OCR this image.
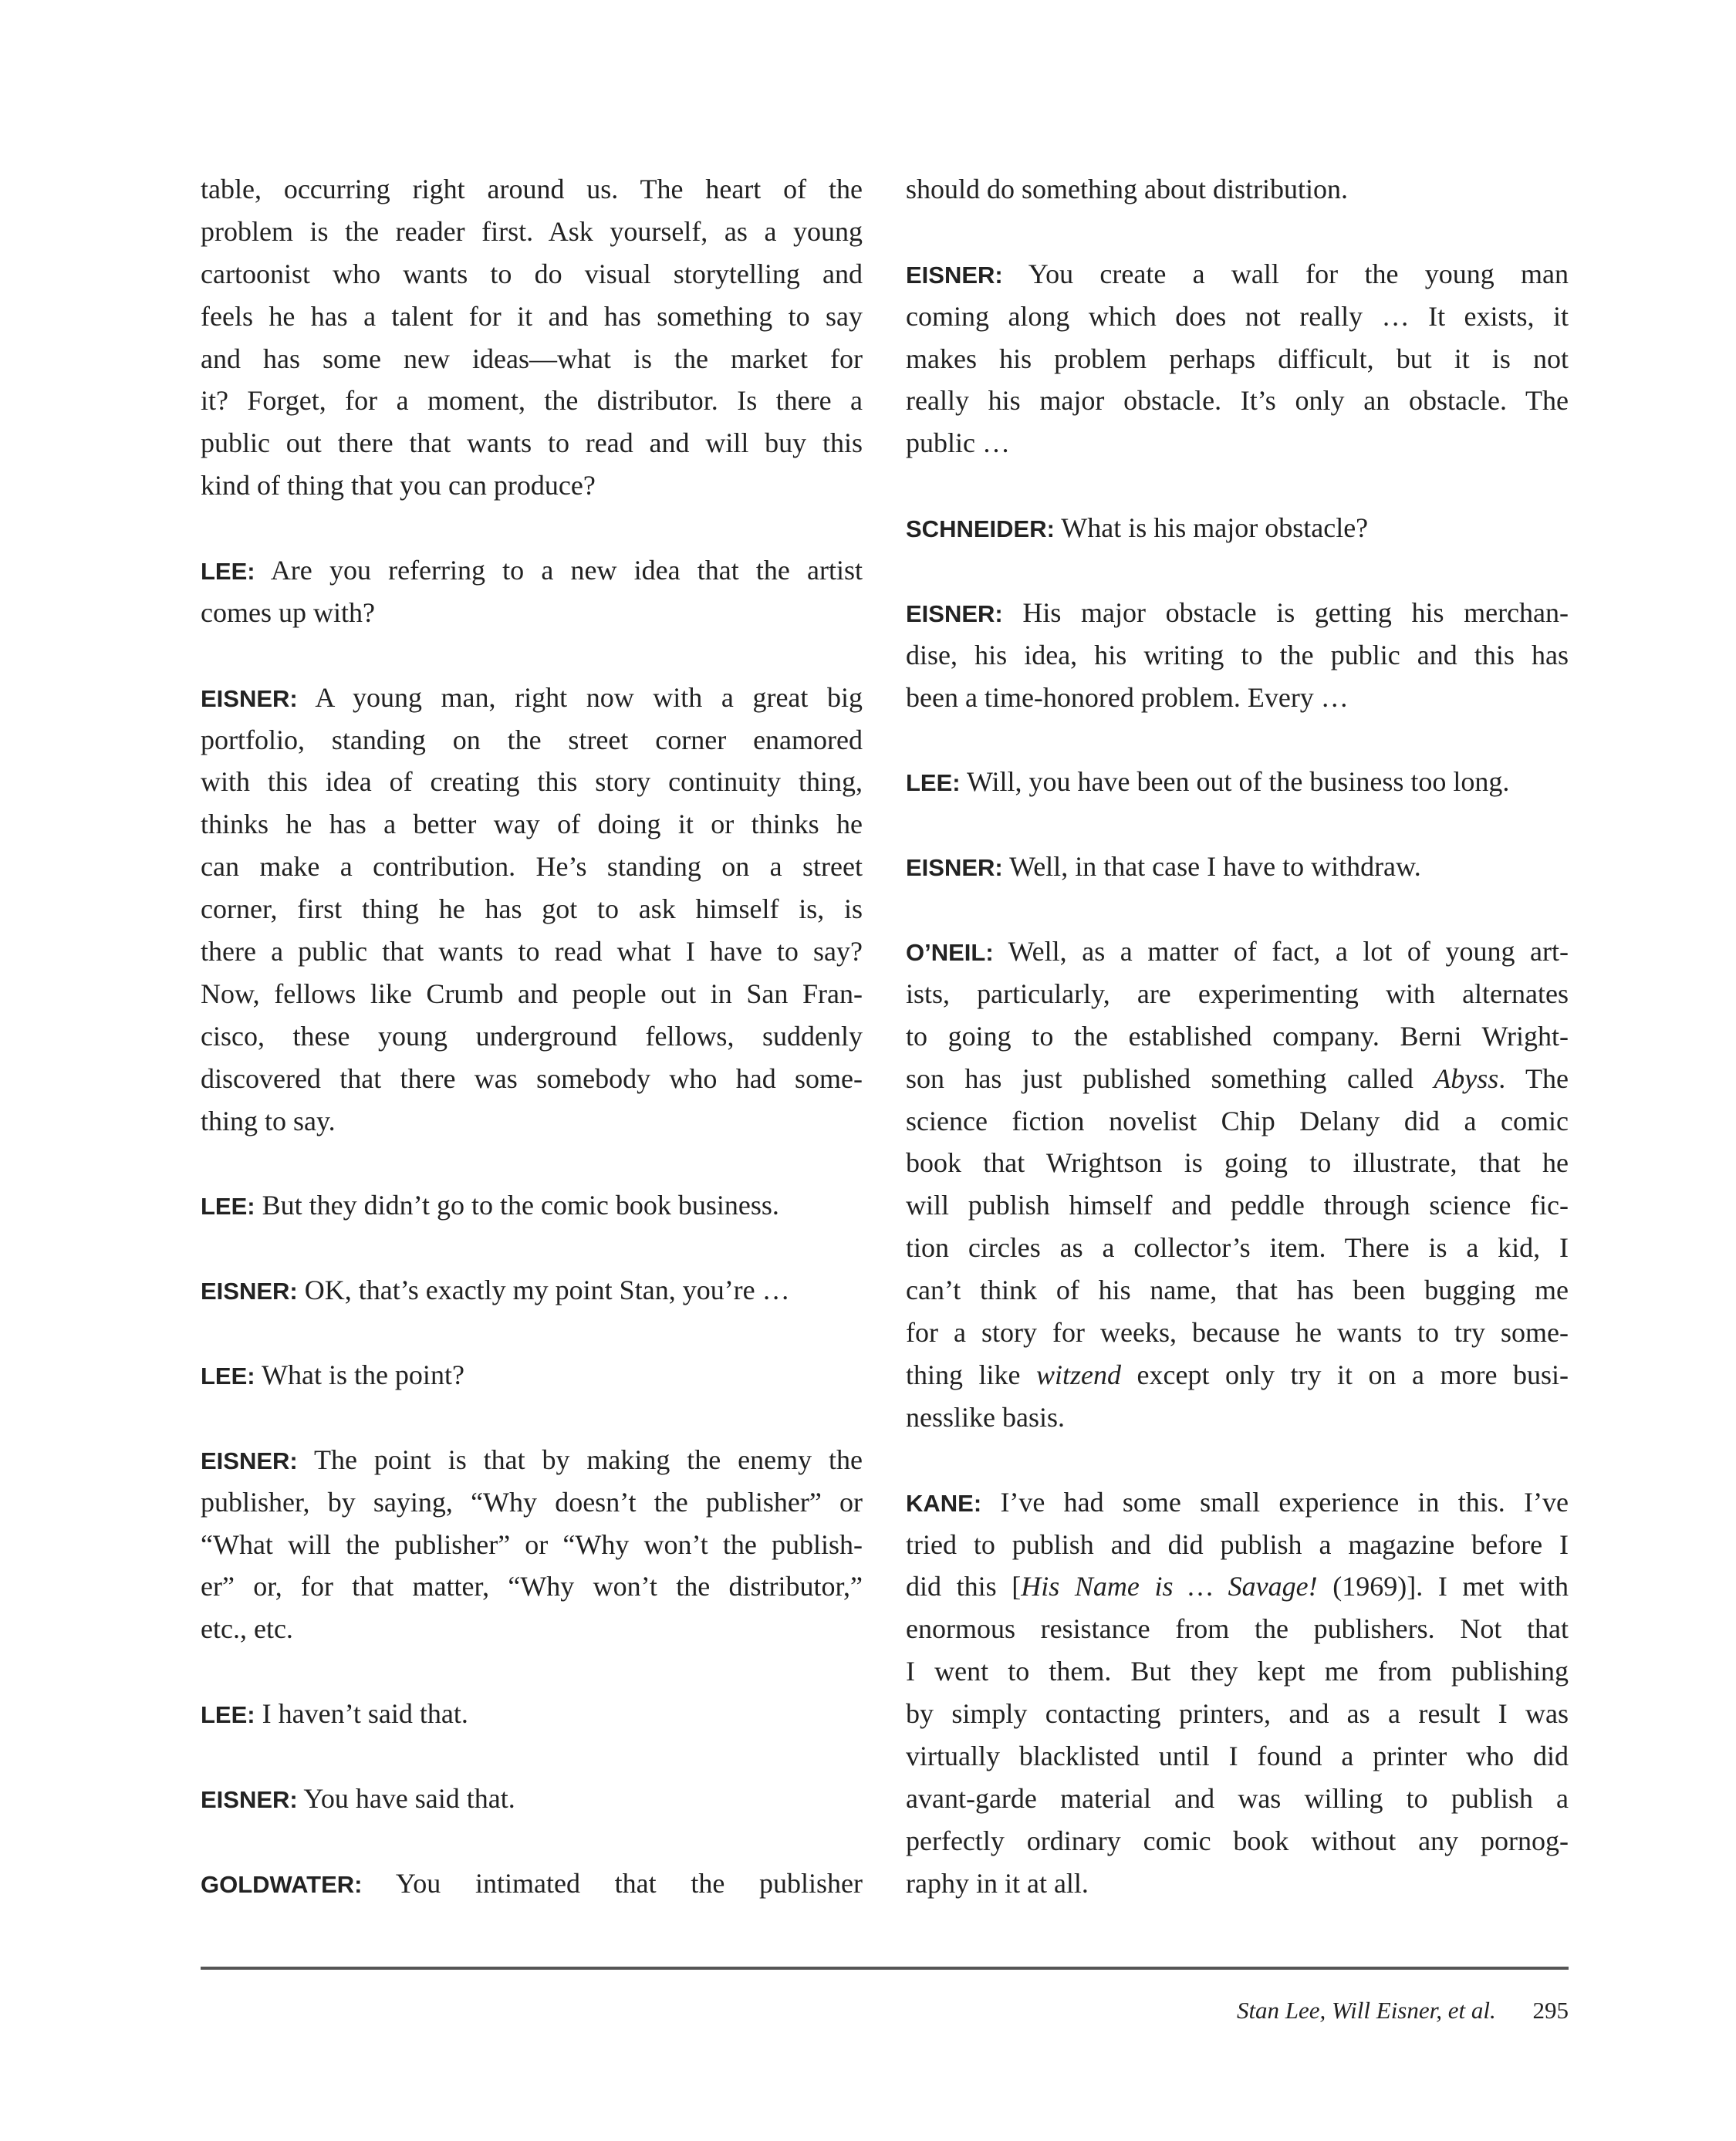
table, occurring right around us. The heart of the
problem is the reader first. Ask yourself, as a young
cartoonist who wants to do visual storytelling and
feels he has a talent for it and has something to say
and has some new ideas—what is the market for
it? Forget, for a moment, the distributor. Is there a
public out there that wants to read and will buy this
kind of thing that you can produce?
LEE: Are you referring to a new idea that the artist
comes up with?
EISNER: A young man, right now with a great big
portfolio, standing on the street corner enamored
with this idea of creating this story continuity thing,
thinks he has a better way of doing it or thinks he
can make a contribution. He’s standing on a street
corner, first thing he has got to ask himself is, is
there a public that wants to read what I have to say?
Now, fellows like Crumb and people out in San Fran-
cisco, these young underground fellows, suddenly
discovered that there was somebody who had some-
thing to say.
LEE: But they didn’t go to the comic book business.
EISNER: OK, that’s exactly my point Stan, you’re …
LEE: What is the point?
EISNER: The point is that by making the enemy the
publisher, by saying, “Why doesn’t the publisher” or
“What will the publisher” or “Why won’t the publish-
er” or, for that matter, “Why won’t the distributor,”
etc., etc.
LEE: I haven’t said that.
EISNER: You have said that.
GOLDWATER: You intimated that the publisher
should do something about distribution.
EISNER: You create a wall for the young man
coming along which does not really … It exists, it
makes his problem perhaps difficult, but it is not
really his major obstacle. It’s only an obstacle. The
public …
SCHNEIDER: What is his major obstacle?
EISNER: His major obstacle is getting his merchan-
dise, his idea, his writing to the public and this has
been a time-honored problem. Every …
LEE: Will, you have been out of the business too long.
EISNER: Well, in that case I have to withdraw.
O’NEIL: Well, as a matter of fact, a lot of young art-
ists, particularly, are experimenting with alternates
to going to the established company. Berni Wright-
son has just published something called Abyss. The
science fiction novelist Chip Delany did a comic
book that Wrightson is going to illustrate, that he
will publish himself and peddle through science fic-
tion circles as a collector’s item. There is a kid, I
can’t think of his name, that has been bugging me
for a story for weeks, because he wants to try some-
thing like witzend except only try it on a more busi-
nesslike basis.
KANE: I’ve had some small experience in this. I’ve
tried to publish and did publish a magazine before I
did this [His Name is … Savage! (1969)]. I met with
enormous resistance from the publishers. Not that
I went to them. But they kept me from publishing
by simply contacting printers, and as a result I was
virtually blacklisted until I found a printer who did
avant-garde material and was willing to publish a
perfectly ordinary comic book without any pornog-
raphy in it at all.
Stan Lee, Will Eisner, et al. 295
